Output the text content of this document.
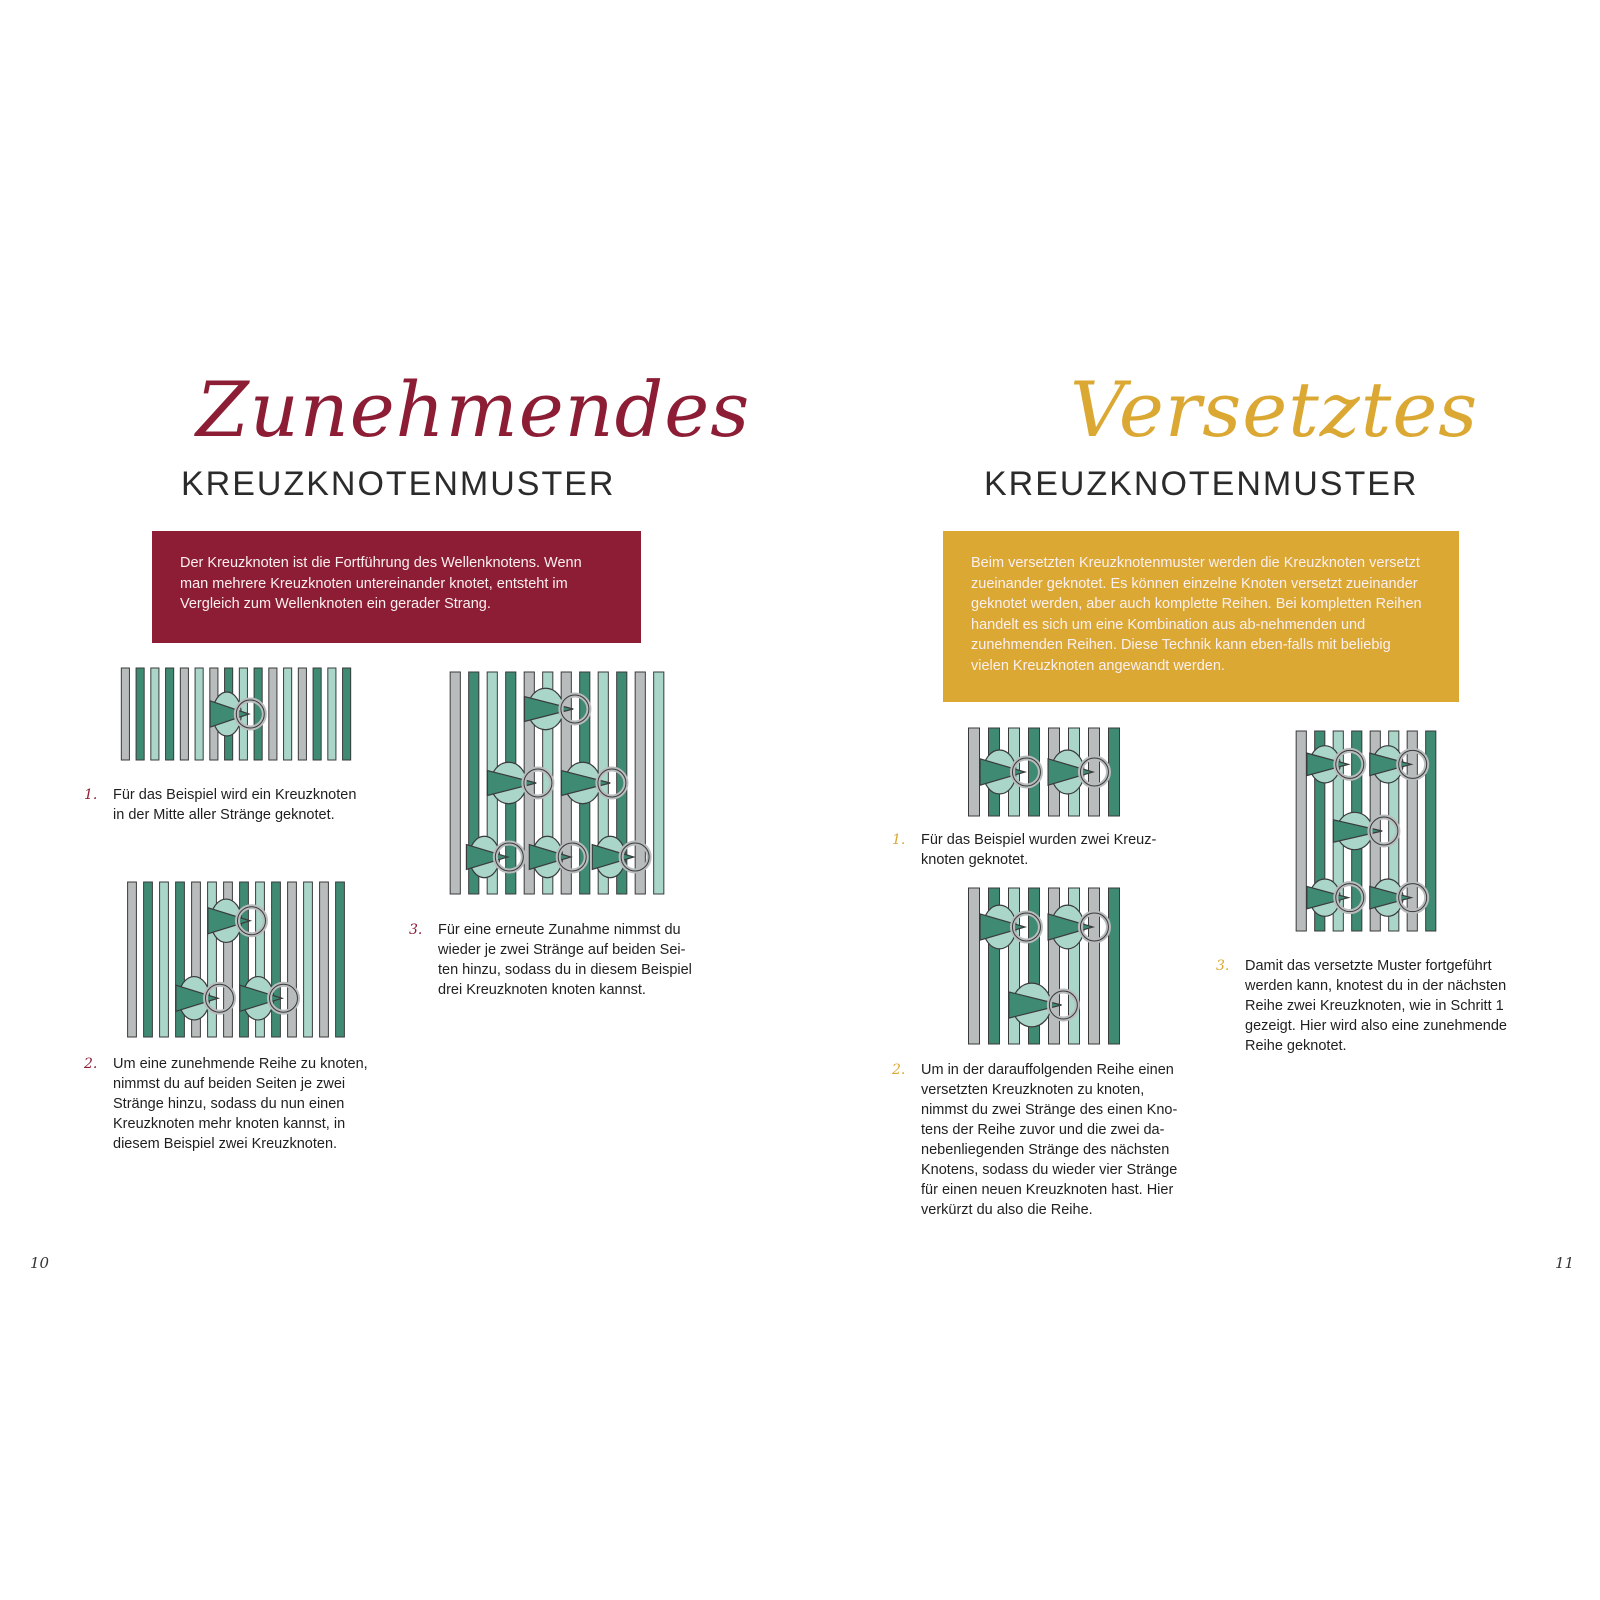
Zunehmendes
KREUZKNOTENMUSTER

Der Kreuzknoten ist die Fortführung des Wellenknotens. Wenn man mehrere Kreuzknoten untereinander knotet, entsteht im Vergleich zum Wellenknoten ein gerader Strang.

1. Für das Beispiel wird ein Kreuzknoten
in der Mitte aller Stränge geknotet.
2. Um eine zunehmende Reihe zu knoten,
nimmst du auf beiden Seiten je zwei
Stränge hinzu, sodass du nun einen
Kreuzknoten mehr knoten kannst, in
diesem Beispiel zwei Kreuzknoten.
3. Für eine erneute Zunahme nimmst du
wieder je zwei Stränge auf beiden Sei-
ten hinzu, sodass du in diesem Beispiel
drei Kreuzknoten knoten kannst.
10
Versetztes
KREUZKNOTENMUSTER

Beim versetzten Kreuzknotenmuster werden die Kreuzknoten versetzt zueinander geknotet. Es können einzelne Knoten versetzt zueinander geknotet werden, aber auch komplette Reihen. Bei kompletten Reihen handelt es sich um eine Kombination aus ab-nehmenden und zunehmenden Reihen. Diese Technik kann eben-falls mit beliebig vielen Kreuzknoten angewandt werden.

1. Für das Beispiel wurden zwei Kreuz-
knoten geknotet.
2. Um in der darauffolgenden Reihe einen
versetzten Kreuzknoten zu knoten,
nimmst du zwei Stränge des einen Kno-
tens der Reihe zuvor und die zwei da-
nebenliegenden Stränge des nächsten
Knotens, sodass du wieder vier Stränge
für einen neuen Kreuzknoten hast. Hier
verkürzt du also die Reihe.
3. Damit das versetzte Muster fortgeführt
werden kann, knotest du in der nächsten
Reihe zwei Kreuzknoten, wie in Schritt 1
gezeigt. Hier wird also eine zunehmende
Reihe geknotet.
11
